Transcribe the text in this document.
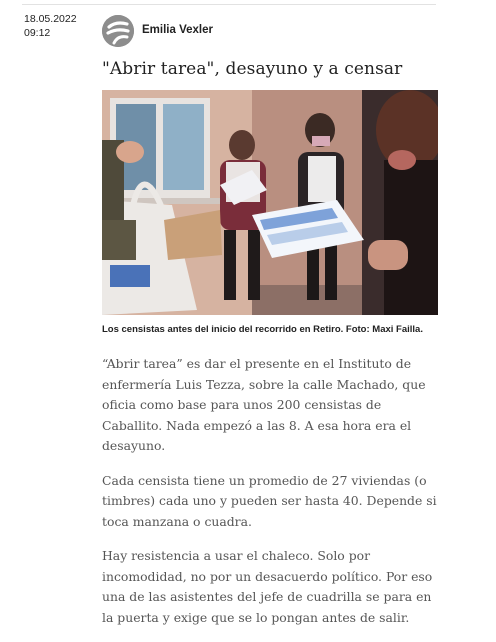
18.05.2022
09:12	Emilia Vexler
"Abrir tarea", desayuno y a censar
Los censistas antes del inicio del recorrido en Retiro. Foto: Maxi Failla.

“Abrir tarea” es dar el presente en el Instituto de enfermería Luis Tezza, sobre la calle Machado, que oficia como base para unos 200 censistas de Caballito. Nada empezó a las 8. A esa hora era el desayuno.

Cada censista tiene un promedio de 27 viviendas (o timbres) cada uno y pueden ser hasta 40. Depende si toca manzana o cuadra.

Hay resistencia a usar el chaleco. Solo por incomodidad, no por un desacuerdo político. Por eso una de las asistentes del jefe de cuadrilla se para en la puerta y exige que se lo pongan antes de salir.
